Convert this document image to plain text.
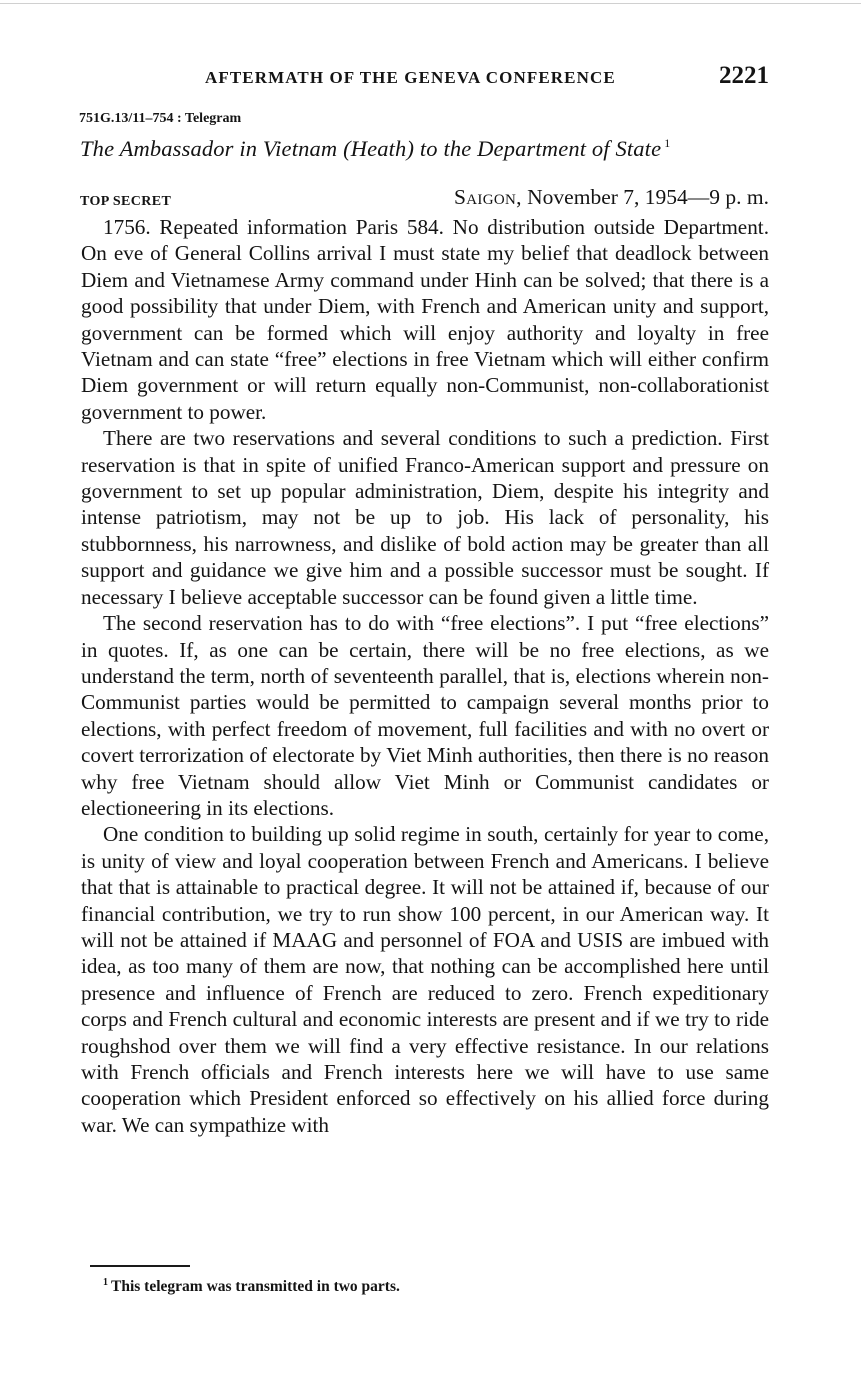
AFTERMATH OF THE GENEVA CONFERENCE	2221
751G.13/11–754 : Telegram
The Ambassador in Vietnam (Heath) to the Department of State $^1$
TOP SECRET	Saigon, November 7, 1954—9 p. m.

1756. Repeated information Paris 584. No distribution outside Department. On eve of General Collins arrival I must state my belief that deadlock between Diem and Vietnamese Army command under Hinh can be solved; that there is a good possibility that under Diem, with French and American unity and support, government can be formed which will enjoy authority and loyalty in free Vietnam and can state “free” elections in free Vietnam which will either confirm Diem government or will return equally non-Communist, non-collaborationist government to power.

There are two reservations and several conditions to such a prediction. First reservation is that in spite of unified Franco-American support and pressure on government to set up popular administration, Diem, despite his integrity and intense patriotism, may not be up to job. His lack of personality, his stubbornness, his narrowness, and dislike of bold action may be greater than all support and guidance we give him and a possible successor must be sought. If necessary I believe acceptable successor can be found given a little time.

The second reservation has to do with “free elections”. I put “free elections” in quotes. If, as one can be certain, there will be no free elections, as we understand the term, north of seventeenth parallel, that is, elections wherein non-Communist parties would be permitted to campaign several months prior to elections, with perfect freedom of movement, full facilities and with no overt or covert terrorization of electorate by Viet Minh authorities, then there is no reason why free Vietnam should allow Viet Minh or Communist candidates or electioneering in its elections.

One condition to building up solid regime in south, certainly for year to come, is unity of view and loyal cooperation between French and Americans. I believe that that is attainable to practical degree. It will not be attained if, because of our financial contribution, we try to run show 100 percent, in our American way. It will not be attained if MAAG and personnel of FOA and USIS are imbued with idea, as too many of them are now, that nothing can be accomplished here until presence and influence of French are reduced to zero. French expeditionary corps and French cultural and economic interests are present and if we try to ride roughshod over them we will find a very effective resistance. In our relations with French officials and French interests here we will have to use same cooperation which President enforced so effectively on his allied force during war. We can sympathize with

$^1$ This telegram was transmitted in two parts.
